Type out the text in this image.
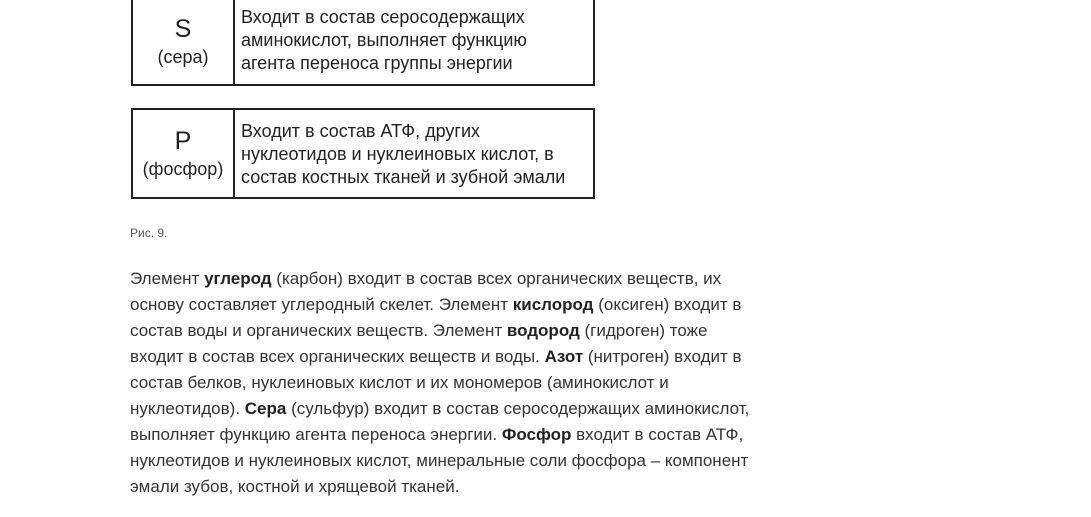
S
(сера)
Входит в состав серосодержащих
аминокислот, выполняет функцию
агента переноса группы энергии
P
(фосфор)
Входит в состав АТФ, других
нуклеотидов и нуклеиновых кислот, в
состав костных тканей и зубной эмали
Рис. 9.
Элемент углерод (карбон) входит в состав всех органических веществ, их
основу составляет углеродный скелет. Элемент кислород (оксиген) входит в
состав воды и органических веществ. Элемент водород (гидроген) тоже
входит в состав всех органических веществ и воды. Азот (нитроген) входит в
состав белков, нуклеиновых кислот и их мономеров (аминокислот и
нуклеотидов). Сера (сульфур) входит в состав серосодержащих аминокислот,
выполняет функцию агента переноса энергии. Фосфор входит в состав АТФ,
нуклеотидов и нуклеиновых кислот, минеральные соли фосфора – компонент
эмали зубов, костной и хрящевой тканей.
